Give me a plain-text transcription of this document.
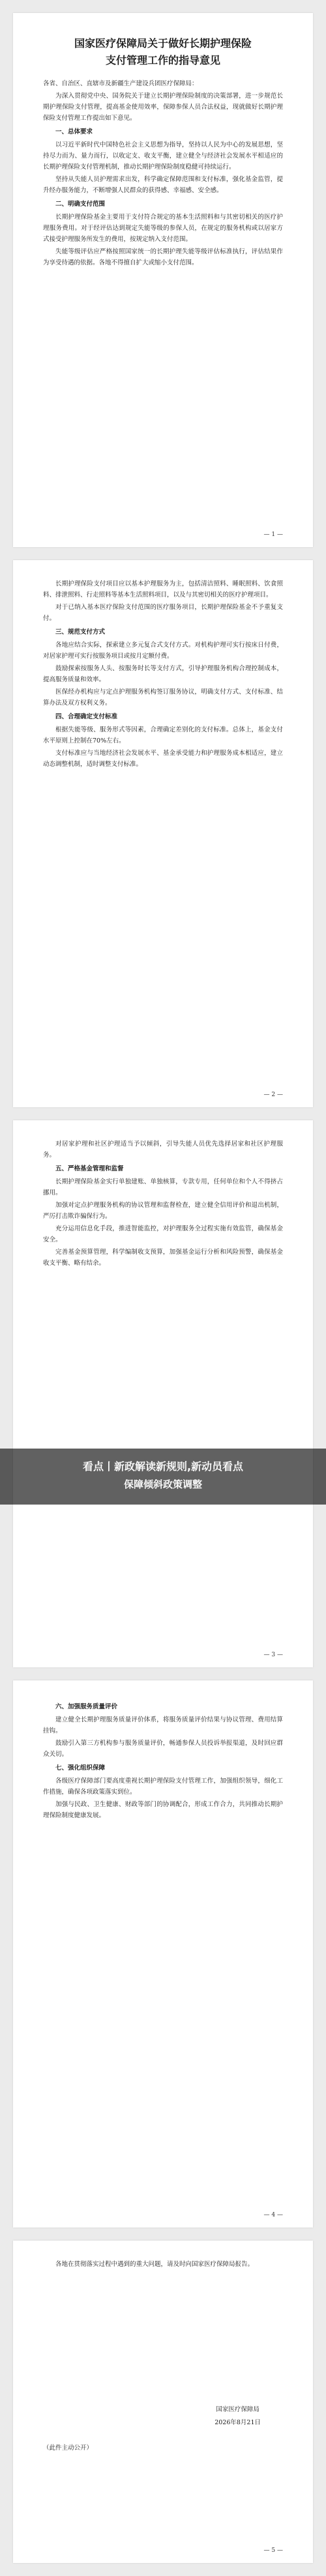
国家医疗保障局关于做好长期护理保险
支付管理工作的指导意见
各省、自治区、直辖市及新疆生产建设兵团医疗保障局：

为深入贯彻党中央、国务院关于建立长期护理保险制度的决策部署，进一步规范长期护理保险支付管理，提高基金使用效率，保障参保人员合法权益，现就做好长期护理保险支付管理工作提出如下意见。

一、总体要求

以习近平新时代中国特色社会主义思想为指导，坚持以人民为中心的发展思想，坚持尽力而为、量力而行，以收定支、收支平衡，建立健全与经济社会发展水平相适应的长期护理保险支付管理机制，推动长期护理保险制度稳健可持续运行。

坚持从失能人员护理需求出发，科学确定保障范围和支付标准，强化基金监管，提升经办服务能力，不断增强人民群众的获得感、幸福感、安全感。

二、明确支付范围

长期护理保险基金主要用于支付符合规定的基本生活照料和与其密切相关的医疗护理服务费用。对于经评估达到规定失能等级的参保人员，在规定的服务机构或以居家方式接受护理服务所发生的费用，按规定纳入支付范围。

失能等级评估应严格按照国家统一的长期护理失能等级评估标准执行，评估结果作为享受待遇的依据。各地不得擅自扩大或缩小支付范围。

— 1 —

长期护理保险支付项目应以基本护理服务为主，包括清洁照料、睡眠照料、饮食照料、排泄照料、行走照料等基本生活照料项目，以及与其密切相关的医疗护理项目。

对于已纳入基本医疗保险支付范围的医疗服务项目，长期护理保险基金不予重复支付。

三、规范支付方式

各地应结合实际，探索建立多元复合式支付方式。对机构护理可实行按床日付费，对居家护理可实行按服务项目或按月定额付费。

鼓励探索按服务人头、按服务时长等支付方式，引导护理服务机构合理控制成本，提高服务质量和效率。

医保经办机构应与定点护理服务机构签订服务协议，明确支付方式、支付标准、结算办法及双方权利义务。

四、合理确定支付标准

根据失能等级、服务形式等因素，合理确定差别化的支付标准。总体上，基金支付水平原则上控制在70%左右。

支付标准应与当地经济社会发展水平、基金承受能力和护理服务成本相适应，建立动态调整机制，适时调整支付标准。

— 2 —

对居家护理和社区护理适当予以倾斜，引导失能人员优先选择居家和社区护理服务。

五、严格基金管理和监督

长期护理保险基金实行单独建账、单独核算，专款专用，任何单位和个人不得挤占挪用。

加强对定点护理服务机构的协议管理和监督检查，建立健全信用评价和退出机制，严厉打击欺诈骗保行为。

充分运用信息化手段，推进智能监控，对护理服务全过程实施有效监管，确保基金安全。

完善基金预算管理，科学编制收支预算，加强基金运行分析和风险预警，确保基金收支平衡、略有结余。

— 3 —
六、加强服务质量评价

建立健全长期护理服务质量评价体系，将服务质量评价结果与协议管理、费用结算挂钩。

鼓励引入第三方机构参与服务质量评价，畅通参保人员投诉举报渠道，及时回应群众关切。

七、强化组织保障

各级医疗保障部门要高度重视长期护理保险支付管理工作，加强组织领导，细化工作措施，确保各项政策落实到位。

加强与民政、卫生健康、财政等部门的协调配合，形成工作合力，共同推动长期护理保险制度健康发展。

— 4 —

各地在贯彻落实过程中遇到的重大问题，请及时向国家医疗保障局报告。

国家医疗保障局
2026年8月21日
（此件主动公开）
— 5 —
看点丨新政解读新规则,新动员看点
保障倾斜政策调整
